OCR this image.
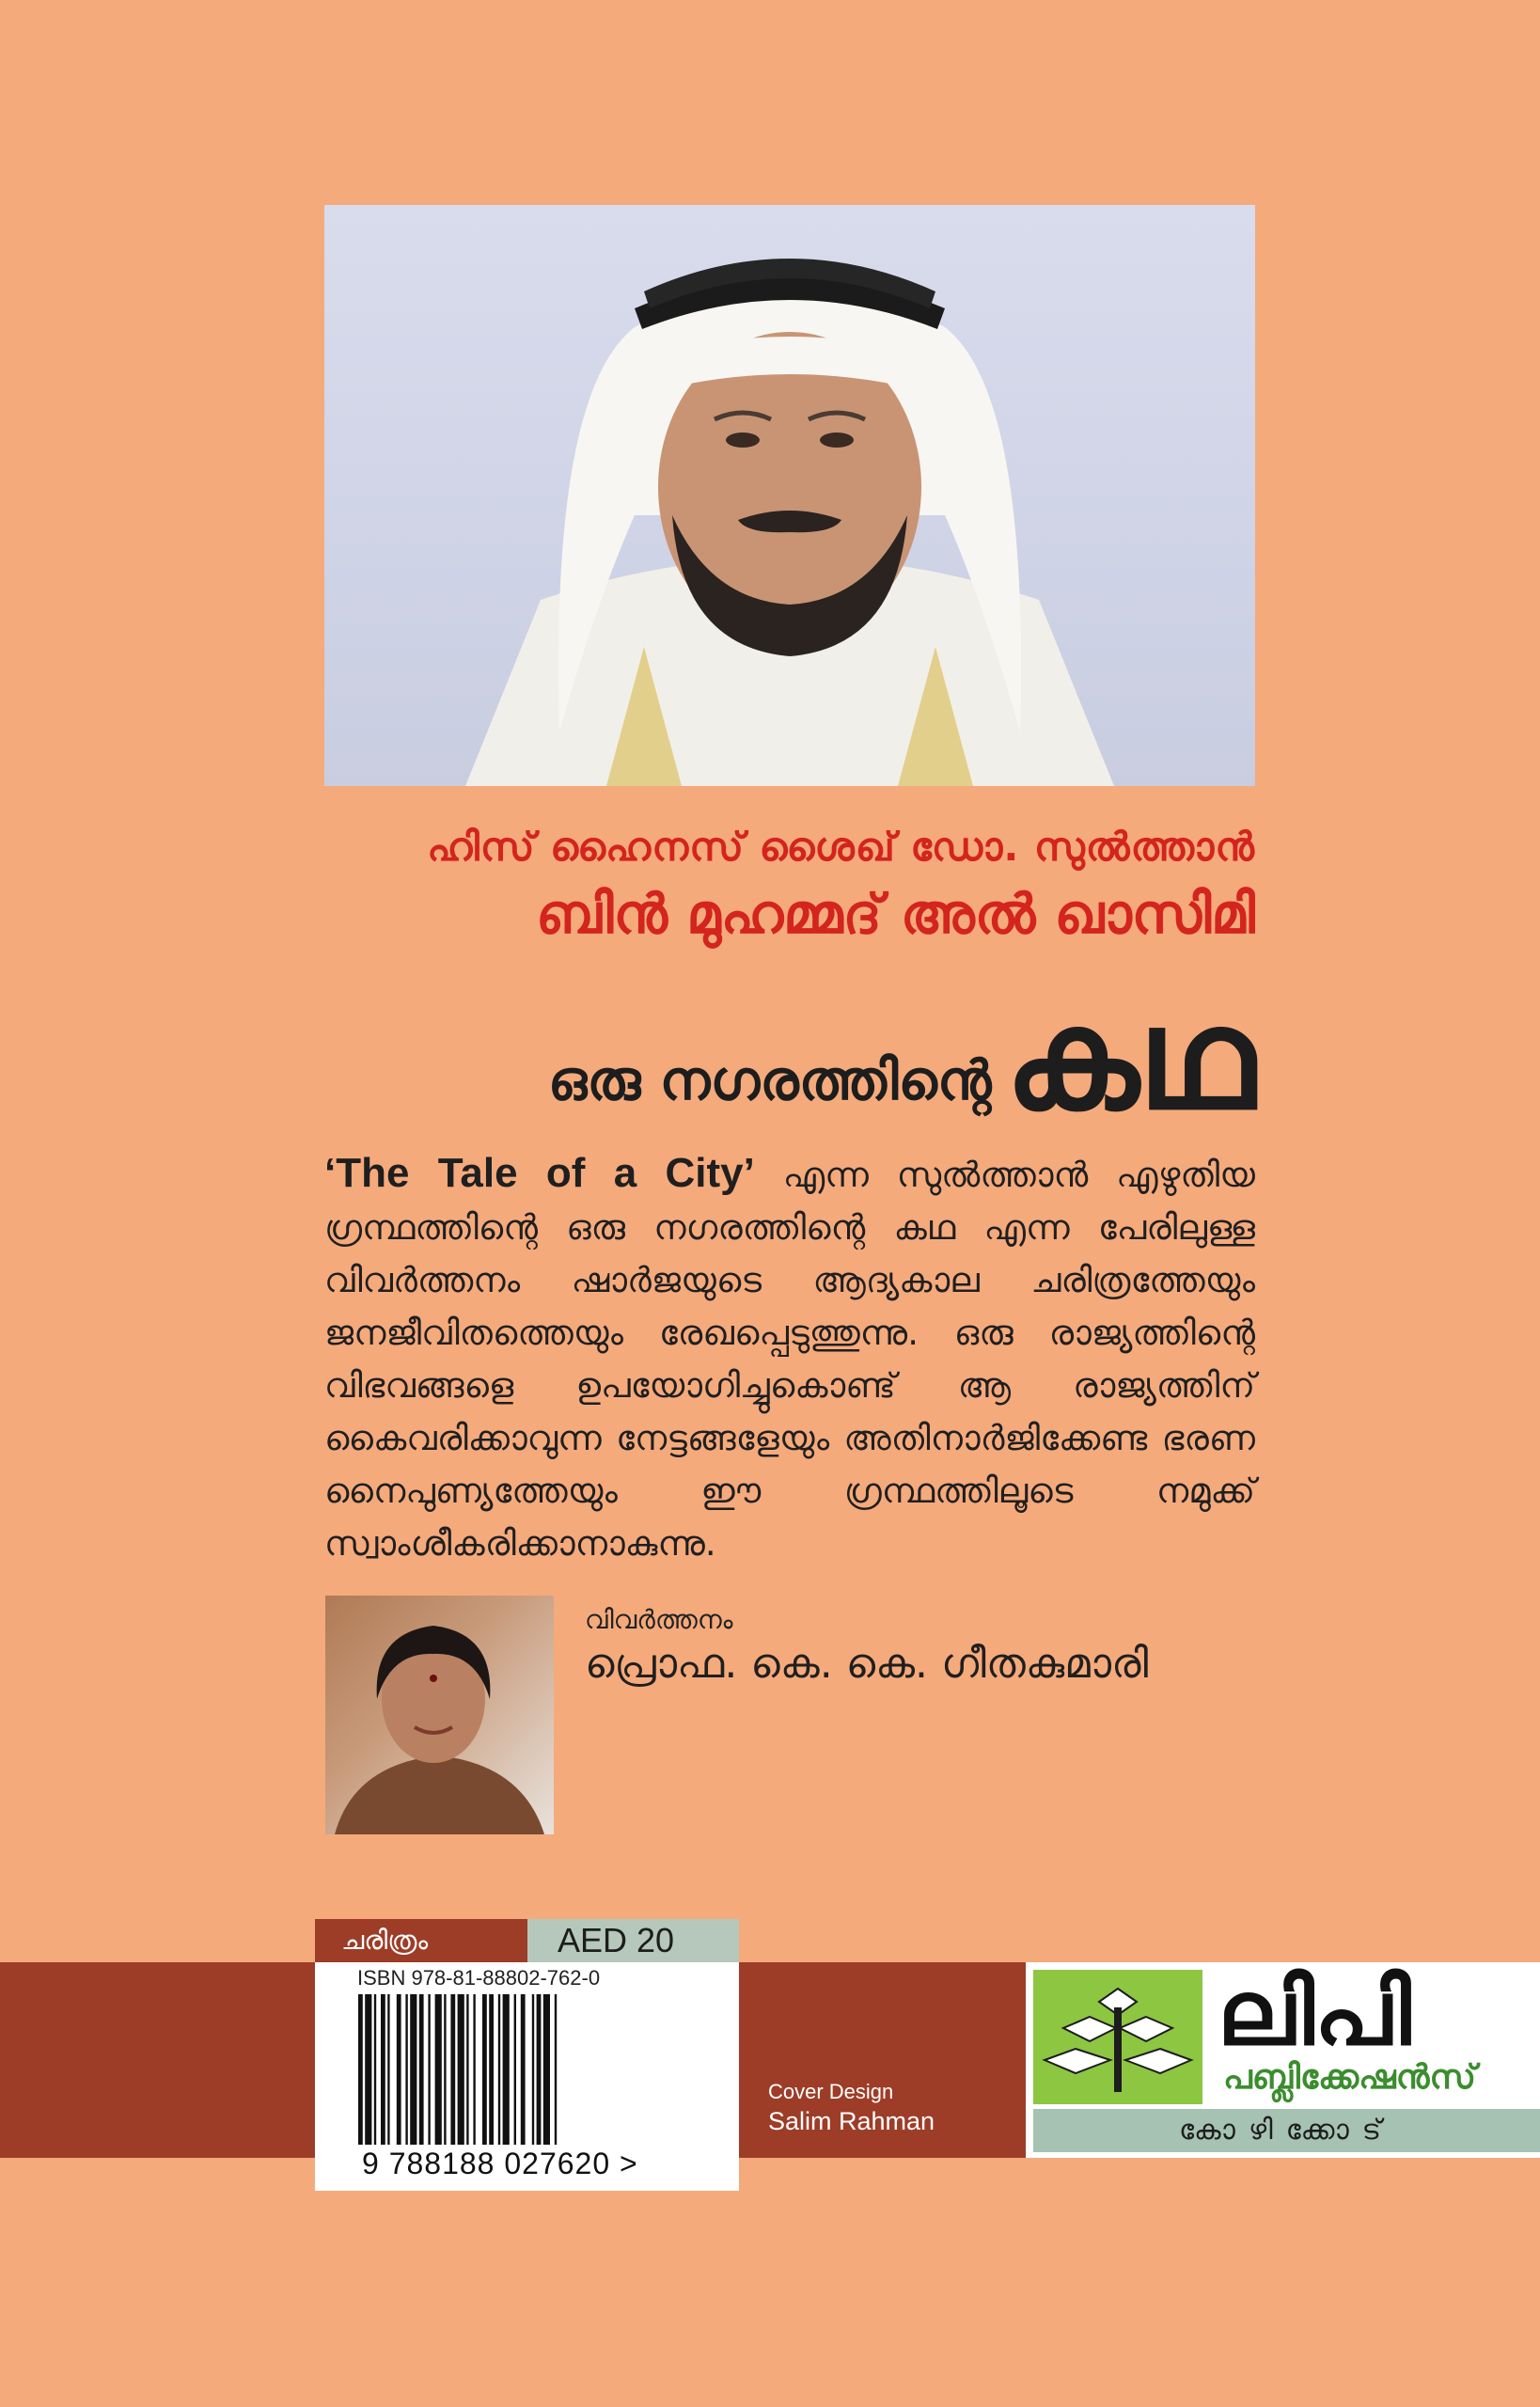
ഹിസ് ഹൈനസ് ശൈഖ് ഡോ. സുൽത്താൻ
ബിൻ മുഹമ്മദ് അൽ ഖാസിമി
ഒരു നഗരത്തിന്റെ കഥ
‘The Tale of a City’ എന്ന സുൽത്താൻ എഴുതിയ ഗ്രന്ഥത്തിന്റെ ഒരു നഗരത്തിന്റെ കഥ എന്ന പേരിലുള്ള വിവർത്തനം ഷാർജയുടെ ആദ്യകാല ചരിത്രത്തേയും ജനജീവിതത്തെയും രേഖപ്പെടുത്തുന്നു. ഒരു രാജ്യത്തിന്റെ വിഭവങ്ങളെ ഉപയോഗിച്ചുകൊണ്ട് ആ രാജ്യത്തിന് കൈവരിക്കാവുന്ന നേട്ടങ്ങളേയും അതിനാർജിക്കേണ്ട ഭരണ നൈപുണ്യത്തേയും ഈ ഗ്രന്ഥത്തിലൂടെ നമുക്ക് സ്വാംശീകരിക്കാനാകുന്നു.
വിവർത്തനം
പ്രൊഫ. കെ. കെ. ഗീതകുമാരി
ചരിത്രം	AED 20
ISBN 978-81-88802-762-0
9 788188 027620 >
Cover Design
Salim Rahman
ലിപി
പബ്ലിക്കേഷൻസ്
കോഴിക്കോട്
